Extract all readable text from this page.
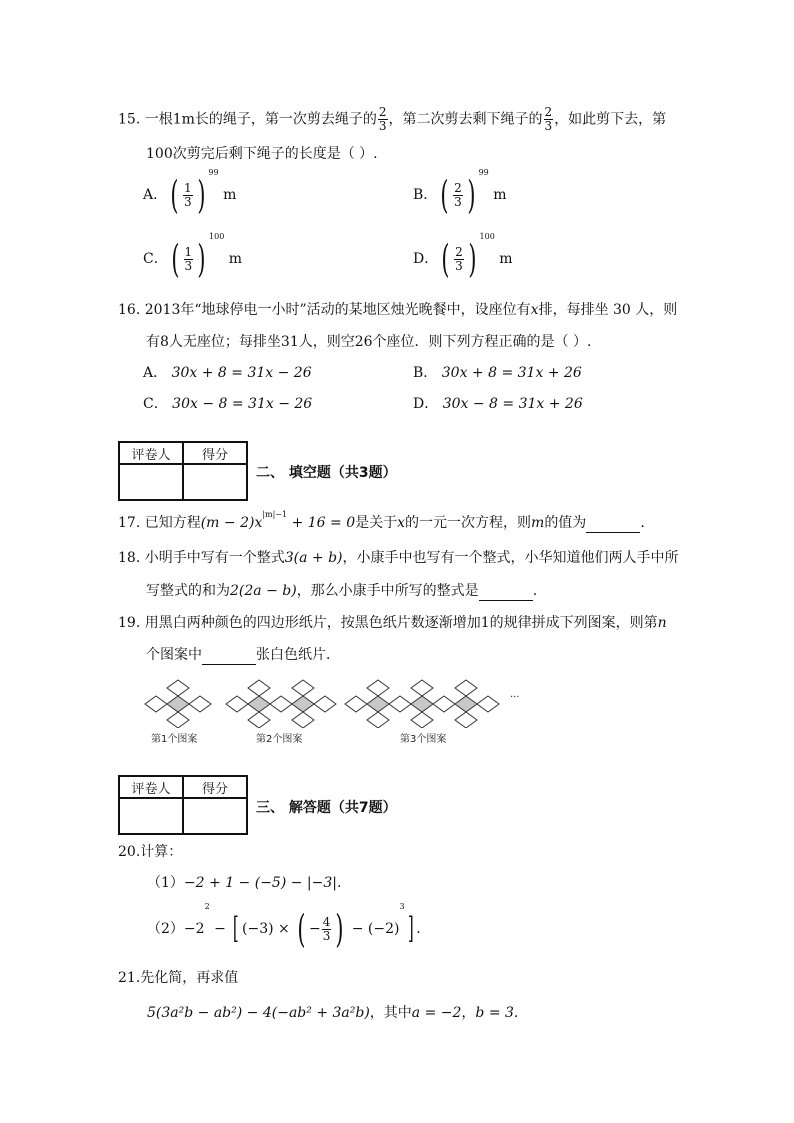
15. 一根1m长的绳子，第一次剪去绳子的 $\frac{2}{3}$ ，第二次剪去剩下绳子的 $\frac{2}{3}$ ，如此剪下去，第
100次剪完后剩下绳子的长度是（ ）.
A．( $\frac{1}{3} )^{99}$ m	B．( $\frac{2}{3} )^{99}$ m
C．( $\frac{1}{3} )^{100}$ m	D．( $\frac{2}{3} )^{100}$ m
16. 2013年“地球停电一小时”活动的某地区烛光晚餐中，设座位有x排，每排坐 30 人，则
有8人无座位；每排坐31人，则空26个座位．则下列方程正确的是（ ）.
A． 30x + 8 = 31x − 26	B． 30x + 8 = 31x + 26
C． 30x − 8 = 31x − 26	D． 30x − 8 = 31x + 26
评卷人	得分

二、 填空题（共3题）
17. 已知方程$(m - 2)x^{|m|-1} + 16 = 0$是关于x的一元一次方程，则m的值为	.
18. 小明手中写有一个整式3(a + b)，小康手中也写有一个整式，小华知道他们两人手中所
写整式的和为2(2a − b)，那么小康手中所写的整式是	.
19. 用黑白两种颜色的四边形纸片，按黑色纸片数逐渐增加1的规律拼成下列图案，则第n
个图案中	张白色纸片．
···
第1个图案	第2个图案	第3个图案
评卷人	得分

三、 解答题（共7题）
20.计算：
（1）−2 + 1 − (−5) − |−3|.
$(2)-2^2$ − [ (−3) × ( − $\frac{4}{3}$ ) − $(-2)^3$] .
21.先化简，再求值
5(3a²b − ab²) − 4(−ab² + 3a²b)，其中a = −2，b = 3.
